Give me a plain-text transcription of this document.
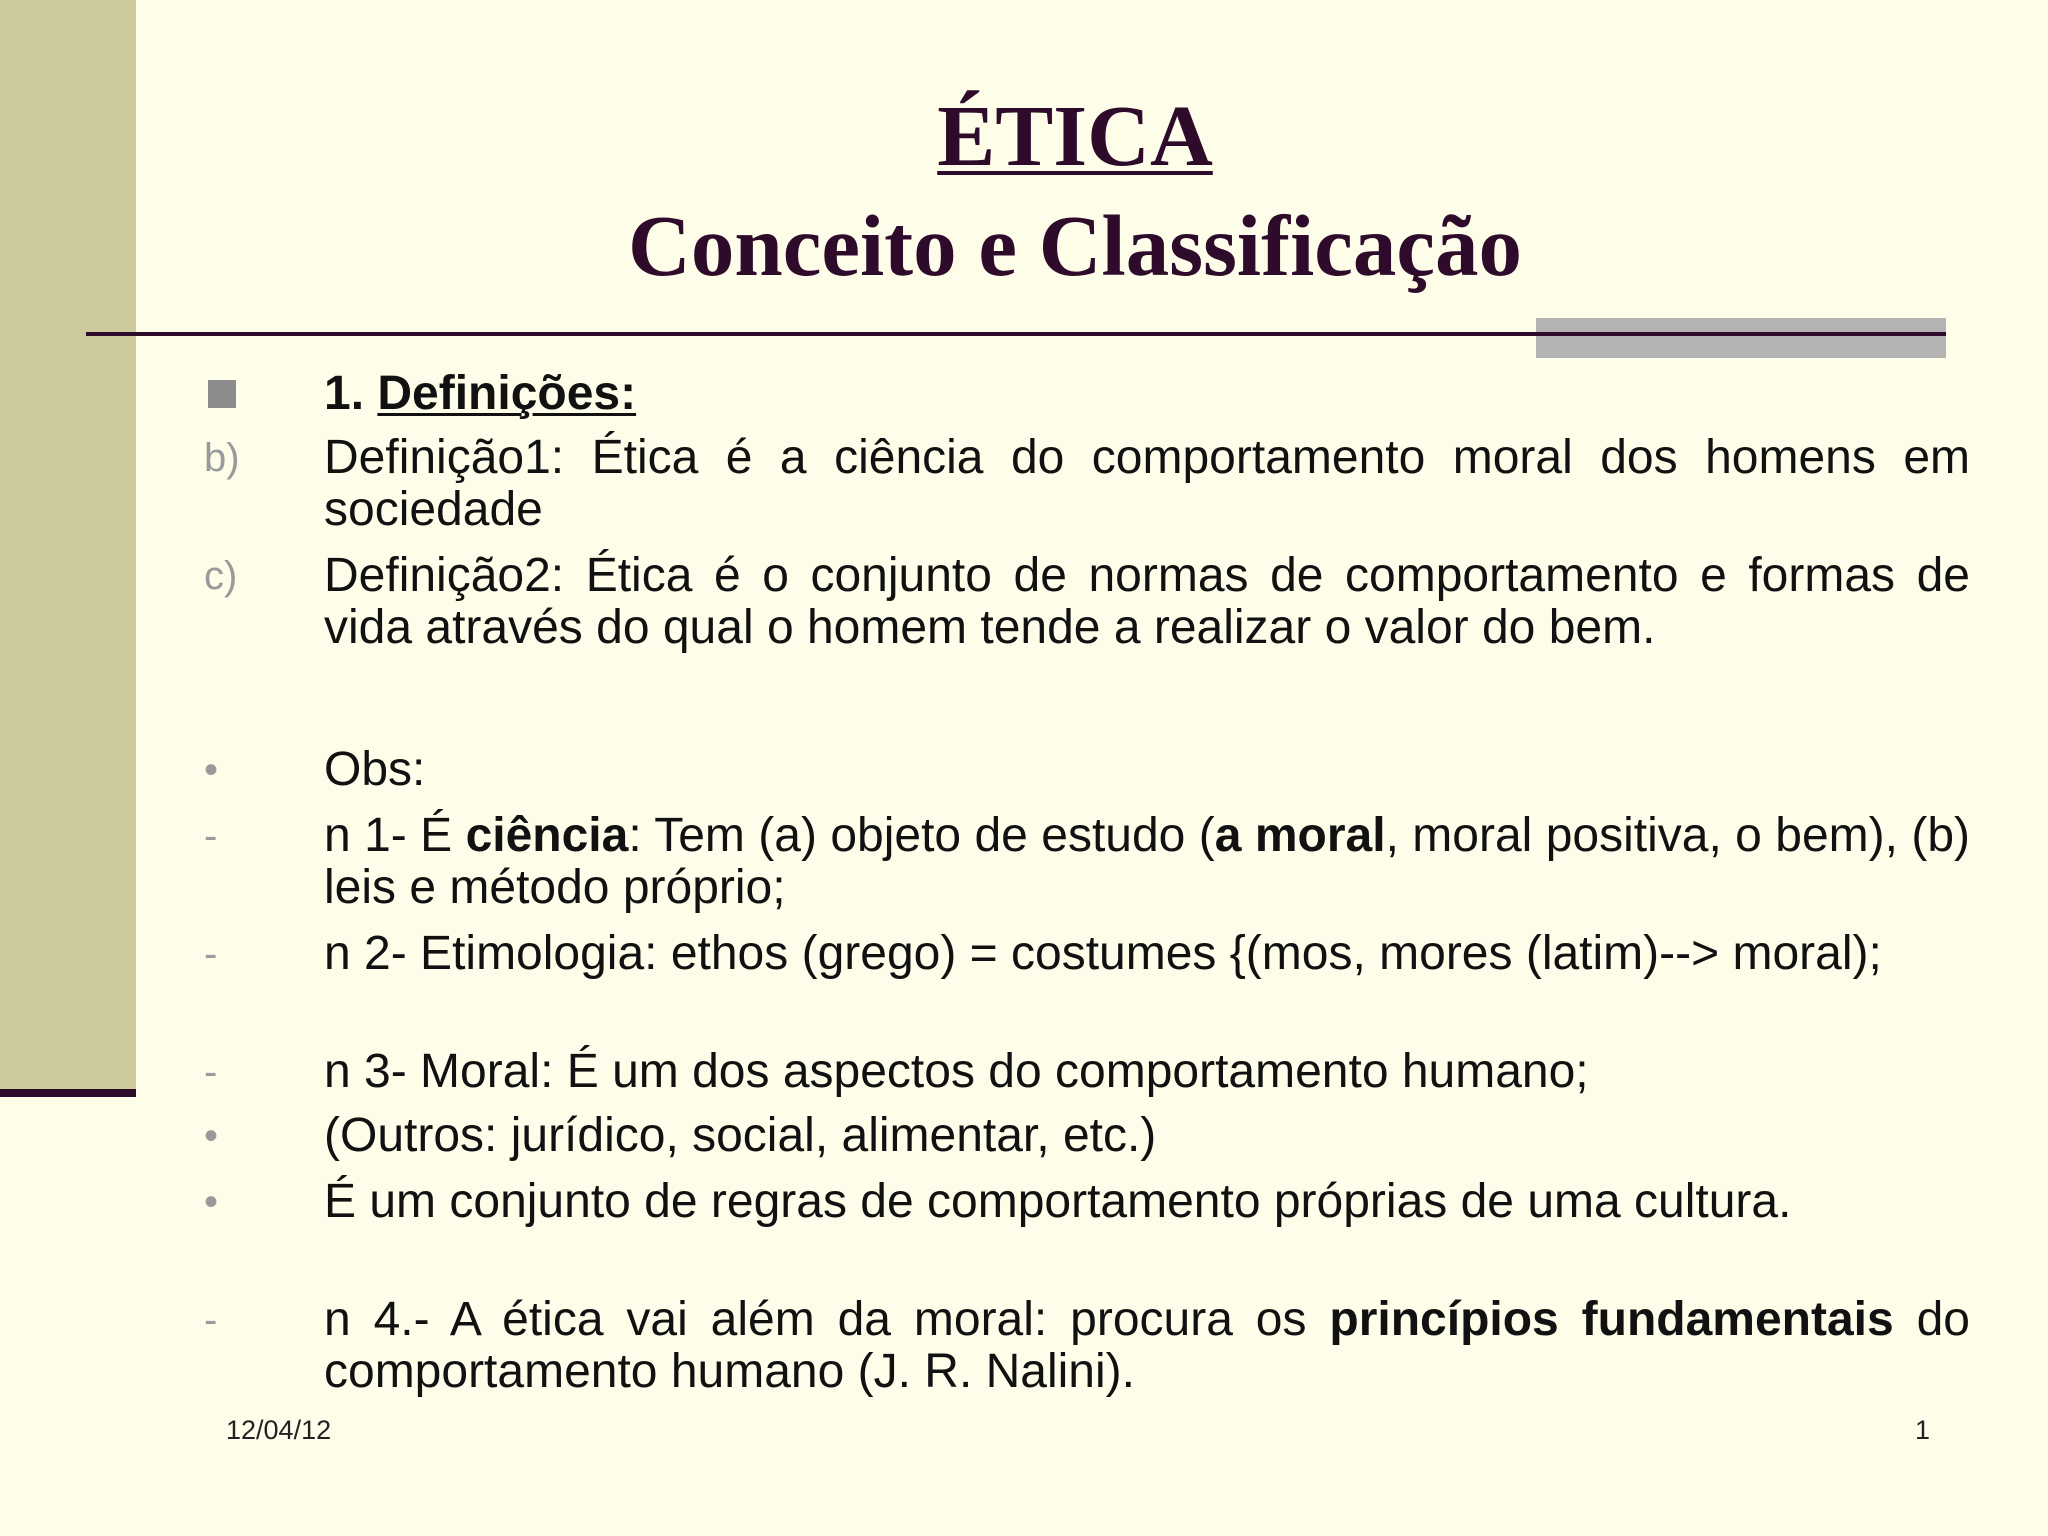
ÉTICA
Conceito e Classificação
1. Definições:
b)	Definição1: Ética é a ciência do comportamento moral dos homens em sociedade
c)	Definição2: Ética é o conjunto de normas de comportamento e formas de vida através do qual o homem tende a realizar o valor do bem.
•	Obs:
-	n 1- É ciência: Tem (a) objeto de estudo (a moral, moral positiva, o bem), (b) leis e método próprio;
-	n 2- Etimologia: ethos (grego) = costumes {(mos, mores (latim)--> moral);
-	n 3- Moral: É um dos aspectos do comportamento humano;
•	(Outros: jurídico, social, alimentar, etc.)
•	É um conjunto de regras de comportamento próprias de uma cultura.
-	n 4.- A ética vai além da moral: procura os princípios fundamentais do comportamento humano (J. R. Nalini).
12/04/12	1
